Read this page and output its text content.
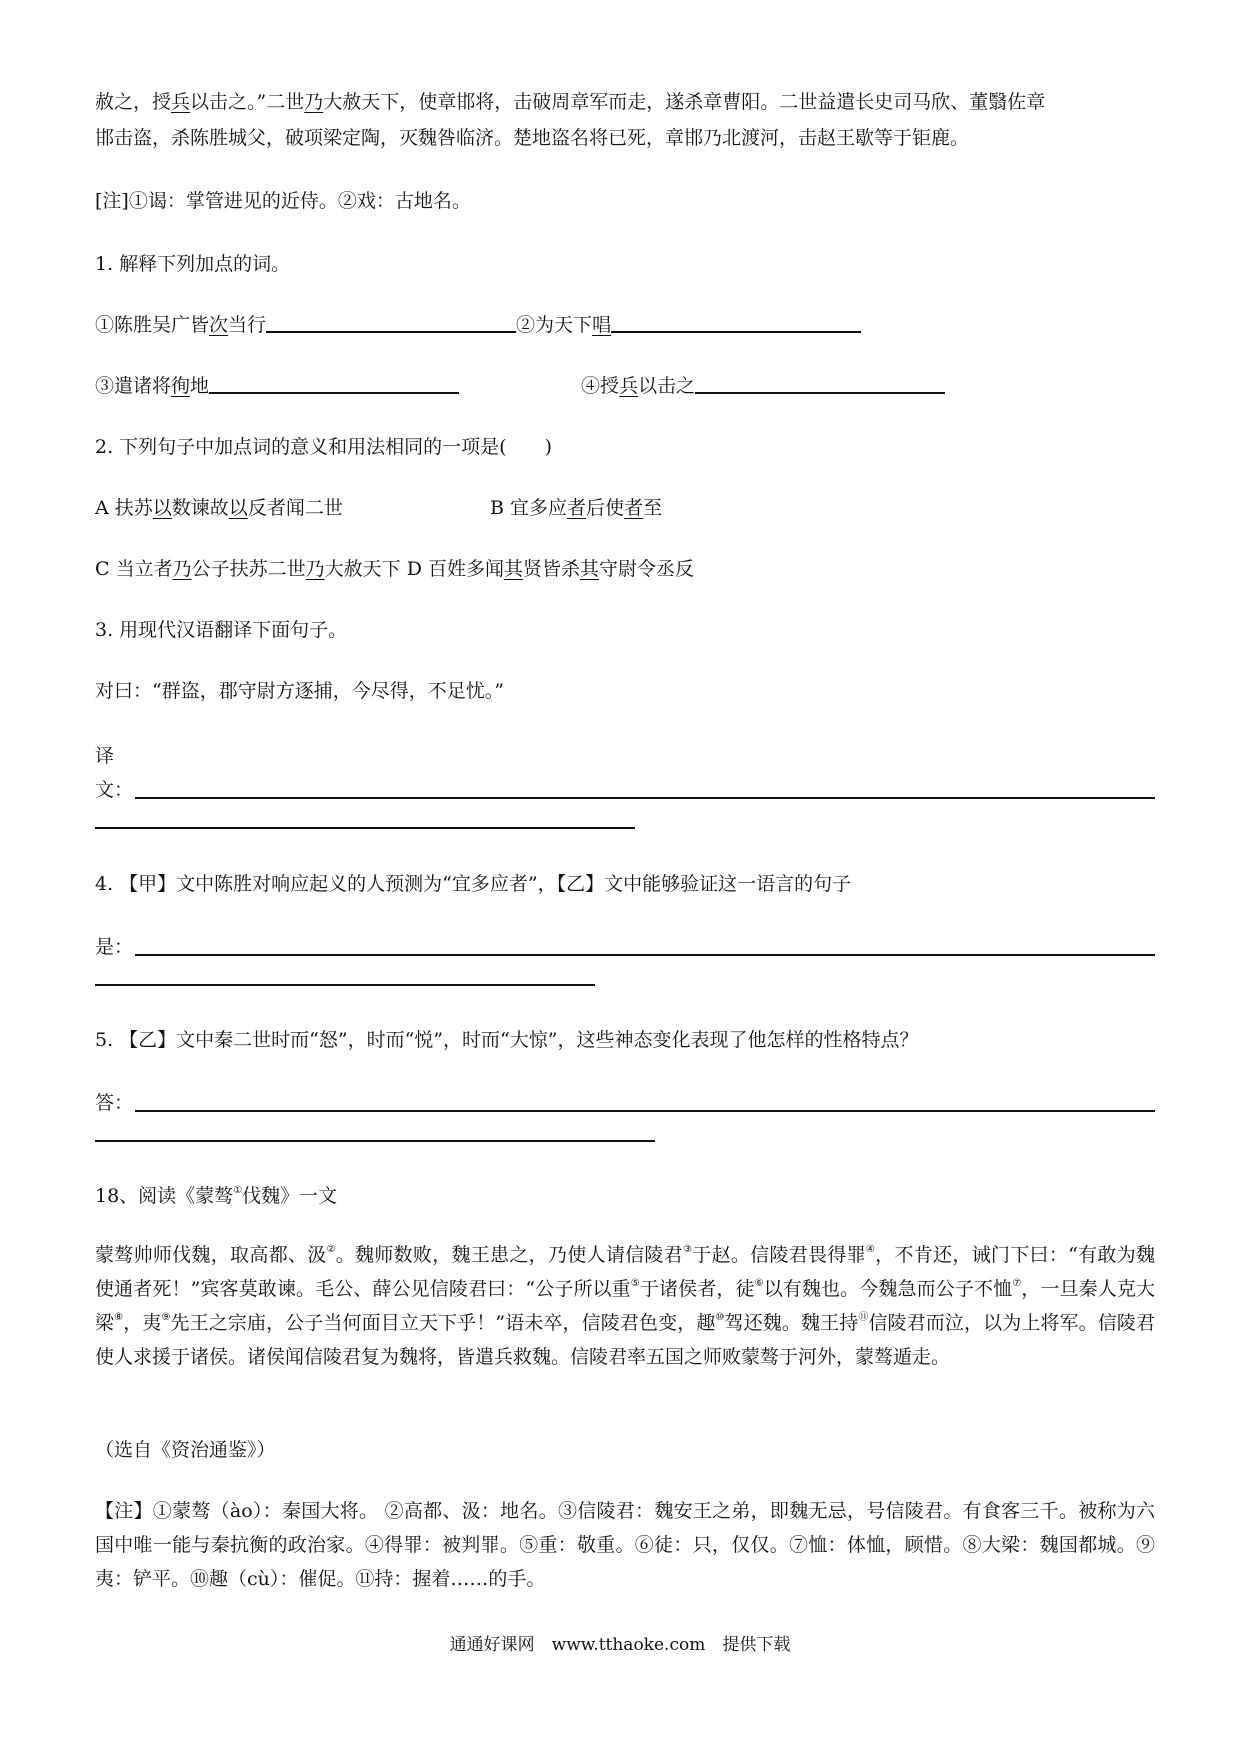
赦之，授兵以击之。”二世乃大赦天下，使章邯将，击破周章军而走，遂杀章曹阳。二世益遣长史司马欣、董翳佐章
邯击盗，杀陈胜城父，破项梁定陶，灭魏咎临济。楚地盗名将已死，章邯乃北渡河，击赵王歇等于钜鹿。
[注]①谒：掌管进见的近侍。②戏：古地名。
1. 解释下列加点的词。
①陈胜吴广皆次当行	②为天下唱
③遣诸将徇地	④授兵以击之
2. 下列句子中加点词的意义和用法相同的一项是(　　)
A 扶苏以数谏故以反者闻二世	B 宜多应者后使者至
C 当立者乃公子扶苏二世乃大赦天下 D 百姓多闻其贤皆杀其守尉令丞反
3. 用现代汉语翻译下面句子。
对曰：“群盗，郡守尉方逐捕，今尽得，不足忧。”
译
文：
4. 【甲】文中陈胜对响应起义的人预测为“宜多应者”，【乙】文中能够验证这一语言的句子
是：
5. 【乙】文中秦二世时而“怒”，时而“悦”，时而“大惊”，这些神态变化表现了他怎样的性格特点？
答：
18、阅读《蒙骜①伐魏》一文
蒙骜帅师伐魏，取高都、汲②。魏师数败，魏王患之，乃使人请信陵君③于赵。信陵君畏得罪④，不肯还，诫门下曰：“有敢为魏使通者死！”宾客莫敢谏。毛公、薛公见信陵君曰：“公子所以重⑤于诸侯者，徒⑥以有魏也。今魏急而公子不恤⑦，一旦秦人克大梁⑧，夷⑨先王之宗庙，公子当何面目立天下乎！”语未卒，信陵君色变，趣⑩驾还魏。魏王持⑪信陵君而泣，以为上将军。信陵君使人求援于诸侯。诸侯闻信陵君复为魏将，皆遣兵救魏。信陵君率五国之师败蒙骜于河外，蒙骜遁走。
（选自《资治通鉴》）
【注】①蒙骜（ào）：秦国大将。 ②高都、汲：地名。③信陵君：魏安王之弟，即魏无忌，号信陵君。有食客三千。被称为六国中唯一能与秦抗衡的政治家。④得罪：被判罪。⑤重：敬重。⑥徒：只，仅仅。⑦恤：体恤，顾惜。⑧大梁：魏国都城。⑨夷：铲平。⑩趣（cù）：催促。⑪持：握着……的手。
通通好课网　www.tthaoke.com　提供下载
